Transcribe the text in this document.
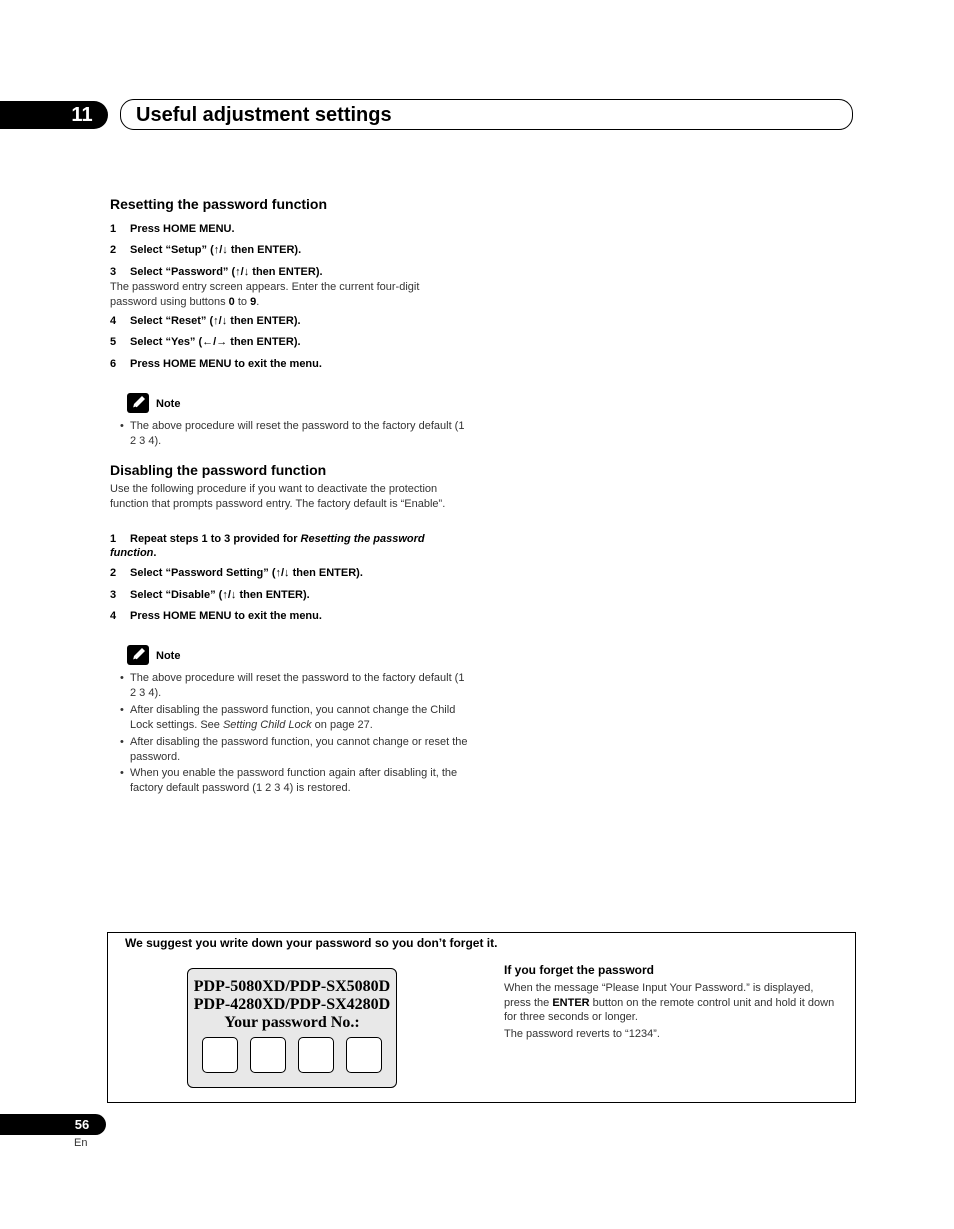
11	Useful adjustment settings
Resetting the password function
1 Press HOME MENU.
2 Select “Setup” (↑/↓ then ENTER).
3 Select “Password” (↑/↓ then ENTER).
The password entry screen appears. Enter the current four-digit password using buttons 0 to 9.
4 Select “Reset” (↑/↓ then ENTER).
5 Select “Yes” (←/→ then ENTER).
6 Press HOME MENU to exit the menu.
Note
• The above procedure will reset the password to the factory default (1 2 3 4).
Disabling the password function
Use the following procedure if you want to deactivate the protection function that prompts password entry. The factory default is “Enable”.
1 Repeat steps 1 to 3 provided for Resetting the password function.
2 Select “Password Setting” (↑/↓ then ENTER).
3 Select “Disable” (↑/↓ then ENTER).
4 Press HOME MENU to exit the menu.
Note
• The above procedure will reset the password to the factory default (1 2 3 4).
• After disabling the password function, you cannot change the Child Lock settings. See Setting Child Lock on page 27.
• After disabling the password function, you cannot change or reset the password.
• When you enable the password function again after disabling it, the factory default password (1 2 3 4) is restored.
We suggest you write down your password so you don’t forget it.
PDP-5080XD/PDP-SX5080D
PDP-4280XD/PDP-SX4280D
Your password No.:
If you forget the password
When the message “Please Input Your Password.” is displayed, press the ENTER button on the remote control unit and hold it down for three seconds or longer.
The password reverts to “1234”.
56
En
